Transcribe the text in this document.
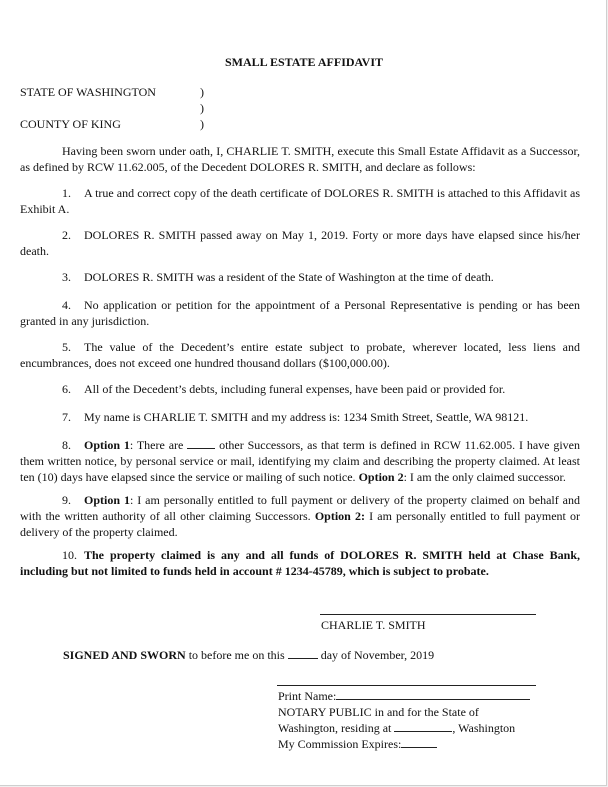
SMALL ESTATE AFFIDAVIT
STATE OF WASHINGTON	)
)
COUNTY OF KING	)
Having been sworn under oath, I, CHARLIE T. SMITH, execute this Small Estate Affidavit as a Successor, as defined by RCW 11.62.005, of the Decedent DOLORES R. SMITH, and declare as follows:
1. A true and correct copy of the death certificate of DOLORES R. SMITH is attached to this Affidavit as Exhibit A.
2. DOLORES R. SMITH passed away on May 1, 2019. Forty or more days have elapsed since his/her death.
3. DOLORES R. SMITH was a resident of the State of Washington at the time of death.
4. No application or petition for the appointment of a Personal Representative is pending or has been granted in any jurisdiction.
5. The value of the Decedent’s entire estate subject to probate, wherever located, less liens and encumbrances, does not exceed one hundred thousand dollars ($100,000.00).
6. All of the Decedent’s debts, including funeral expenses, have been paid or provided for.
7. My name is CHARLIE T. SMITH and my address is: 1234 Smith Street, Seattle, WA 98121.
8. Option 1: There are	other Successors, as that term is defined in RCW 11.62.005. I have given them written notice, by personal service or mail, identifying my claim and describing the property claimed. At least ten (10) days have elapsed since the service or mailing of such notice. Option 2: I am the only claimed successor.
9. Option 1: I am personally entitled to full payment or delivery of the property claimed on behalf and with the written authority of all other claiming Successors. Option 2: I am personally entitled to full payment or delivery of the property claimed.
10. The property claimed is any and all funds of DOLORES R. SMITH held at Chase Bank, including but not limited to funds held in account # 1234-45789, which is subject to probate.
CHARLIE T. SMITH
SIGNED AND SWORN to before me on this	day of November, 2019
Print Name:
NOTARY PUBLIC in and for the State of
Washington, residing at	, Washington
My Commission Expires:
